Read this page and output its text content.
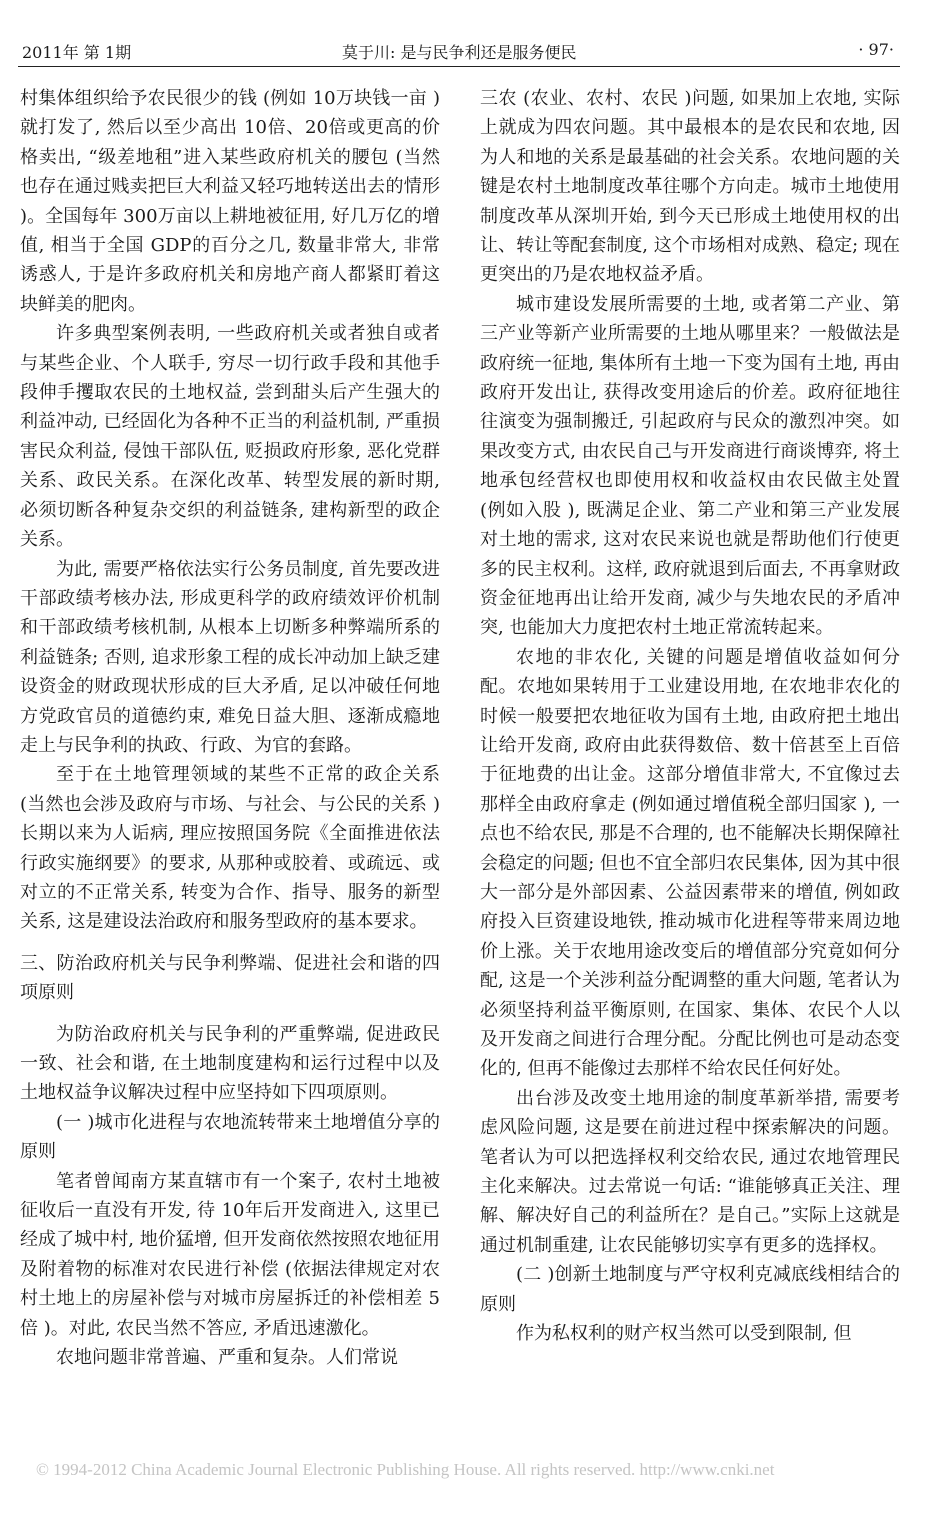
2011年 第 1期	莫于川: 是与民争利还是服务便民	· 97·

村集体组织给予农民很少的钱 (例如 10万块钱一亩 )就打发了, 然后以至少高出 10倍、20倍或更高的价格卖出, “级差地租”进入某些政府机关的腰包 (当然也存在通过贱卖把巨大利益又轻巧地转送出去的情形 )。全国每年 300万亩以上耕地被征用, 好几万亿的增值, 相当于全国 GDP的百分之几, 数量非常大, 非常诱惑人, 于是许多政府机关和房地产商人都紧盯着这块鲜美的肥肉。

许多典型案例表明, 一些政府机关或者独自或者与某些企业、个人联手, 穷尽一切行政手段和其他手段伸手攫取农民的土地权益, 尝到甜头后产生强大的利益冲动, 已经固化为各种不正当的利益机制, 严重损害民众利益, 侵蚀干部队伍, 贬损政府形象, 恶化党群关系、政民关系。在深化改革、转型发展的新时期, 必须切断各种复杂交织的利益链条, 建构新型的政企关系。

为此, 需要严格依法实行公务员制度, 首先要改进干部政绩考核办法, 形成更科学的政府绩效评价机制和干部政绩考核机制, 从根本上切断多种弊端所系的利益链条; 否则, 追求形象工程的成长冲动加上缺乏建设资金的财政现状形成的巨大矛盾, 足以冲破任何地方党政官员的道德约束, 难免日益大胆、逐渐成瘾地走上与民争利的执政、行政、为官的套路。

至于在土地管理领域的某些不正常的政企关系 (当然也会涉及政府与市场、与社会、与公民的关系 )长期以来为人诟病, 理应按照国务院《全面推进依法行政实施纲要》的要求, 从那种或胶着、或疏远、或对立的不正常关系, 转变为合作、指导、服务的新型关系, 这是建设法治政府和服务型政府的基本要求。

三、防治政府机关与民争利弊端、促进社会和谐的四项原则

为防治政府机关与民争利的严重弊端, 促进政民一致、社会和谐, 在土地制度建构和运行过程中以及土地权益争议解决过程中应坚持如下四项原则。

(一 )城市化进程与农地流转带来土地增值分享的原则

笔者曾闻南方某直辖市有一个案子, 农村土地被征收后一直没有开发, 待 10年后开发商进入, 这里已经成了城中村, 地价猛增, 但开发商依然按照农地征用及附着物的标准对农民进行补偿 (依据法律规定对农村土地上的房屋补偿与对城市房屋拆迁的补偿相差 5倍 )。对此, 农民当然不答应, 矛盾迅速激化。

农地问题非常普遍、严重和复杂。人们常说

三农 (农业、农村、农民 )问题, 如果加上农地, 实际上就成为四农问题。其中最根本的是农民和农地, 因为人和地的关系是最基础的社会关系。农地问题的关键是农村土地制度改革往哪个方向走。城市土地使用制度改革从深圳开始, 到今天已形成土地使用权的出让、转让等配套制度, 这个市场相对成熟、稳定; 现在更突出的乃是农地权益矛盾。

城市建设发展所需要的土地, 或者第二产业、第三产业等新产业所需要的土地从哪里来？一般做法是政府统一征地, 集体所有土地一下变为国有土地, 再由政府开发出让, 获得改变用途后的价差。政府征地往往演变为强制搬迁, 引起政府与民众的激烈冲突。如果改变方式, 由农民自己与开发商进行商谈博弈, 将土地承包经营权也即使用权和收益权由农民做主处置 (例如入股 ), 既满足企业、第二产业和第三产业发展对土地的需求, 这对农民来说也就是帮助他们行使更多的民主权利。这样, 政府就退到后面去, 不再拿财政资金征地再出让给开发商, 减少与失地农民的矛盾冲突, 也能加大力度把农村土地正常流转起来。

农地的非农化, 关键的问题是增值收益如何分配。农地如果转用于工业建设用地, 在农地非农化的时候一般要把农地征收为国有土地, 由政府把土地出让给开发商, 政府由此获得数倍、数十倍甚至上百倍于征地费的出让金。这部分增值非常大, 不宜像过去那样全由政府拿走 (例如通过增值税全部归国家 ), 一点也不给农民, 那是不合理的, 也不能解决长期保障社会稳定的问题; 但也不宜全部归农民集体, 因为其中很大一部分是外部因素、公益因素带来的增值, 例如政府投入巨资建设地铁, 推动城市化进程等带来周边地价上涨。关于农地用途改变后的增值部分究竟如何分配, 这是一个关涉利益分配调整的重大问题, 笔者认为必须坚持利益平衡原则, 在国家、集体、农民个人以及开发商之间进行合理分配。分配比例也可是动态变化的, 但再不能像过去那样不给农民任何好处。

出台涉及改变土地用途的制度革新举措, 需要考虑风险问题, 这是要在前进过程中探索解决的问题。笔者认为可以把选择权利交给农民, 通过农地管理民主化来解决。过去常说一句话: “谁能够真正关注、理解、解决好自己的利益所在？是自己。”实际上这就是通过机制重建, 让农民能够切实享有更多的选择权。

(二 )创新土地制度与严守权利克减底线相结合的原则

作为私权利的财产权当然可以受到限制, 但

© 1994-2012 China Academic Journal Electronic Publishing House. All rights reserved. http://www.cnki.net
